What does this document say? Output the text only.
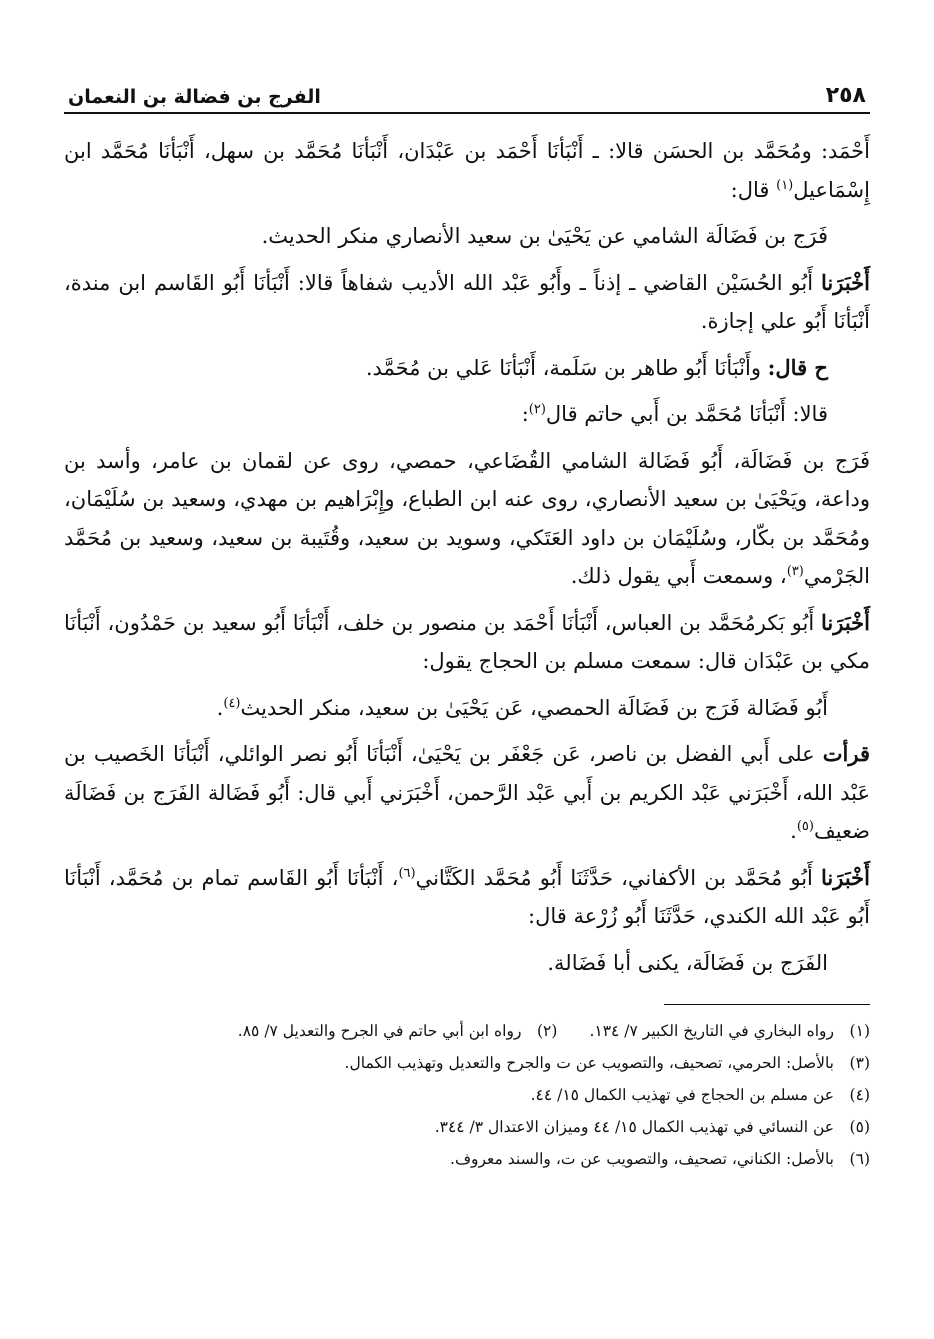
٢٥٨
الفرج بن فضالة بن النعمان

أَحْمَد: ومُحَمَّد بن الحسَن قالا: ـ أَنْبَأنَا أَحْمَد بن عَبْدَان، أَنْبَأنَا مُحَمَّد بن سهل، أَنْبَأنَا مُحَمَّد ابن إِسْمَاعيل$^{(١)}$ قال:

فَرَج بن فَضَالَة الشامي عن يَحْيَىٰ بن سعيد الأنصاري منكر الحديث.

أَخْبَرَنا أَبُو الحُسَيْن القاضي ـ إذناً ـ وأَبُو عَبْد الله الأديب شفاهاً قالا: أَنْبَأنَا أَبُو القَاسم ابن مندة، أَنْبَأنَا أَبُو علي إجازة.

ح قال: وأَنْبَأنَا أَبُو طاهر بن سَلَمة، أَنْبَأنَا عَلي بن مُحَمَّد.

قالا: أَنْبَأنَا مُحَمَّد بن أَبي حاتم قال$^{(٢)}$:

فَرَج بن فَضَالَة، أَبُو فَضَالة الشامي القُضَاعي، حمصي، روى عن لقمان بن عامر، وأسد بن وداعة، ويَحْيَىٰ بن سعيد الأنصاري، روى عنه ابن الطباع، وإِبْرَاهيم بن مهدي، وسعيد بن سُلَيْمَان، ومُحَمَّد بن بكّار، وسُلَيْمَان بن داود العَتَكي، وسويد بن سعيد، وقُتَيبة بن سعيد، وسعيد بن مُحَمَّد الجَرْمي$^{(٣)}$، وسمعت أَبي يقول ذلك.

أَخْبَرَنا أَبُو بَكرمُحَمَّد بن العباس، أَنْبَأنَا أَحْمَد بن منصور بن خلف، أَنْبَأنَا أَبُو سعيد بن حَمْدُون، أَنْبَأنَا مكي بن عَبْدَان قال: سمعت مسلم بن الحجاج يقول:

أَبُو فَضَالة فَرَج بن فَضَالَة الحمصي، عَن يَحْيَىٰ بن سعيد، منكر الحديث$^{(٤)}$.

قرأت على أَبي الفضل بن ناصر، عَن جَعْفَر بن يَحْيَىٰ، أَنْبَأنَا أَبُو نصر الوائلي، أَنْبَأنَا الخَصيب بن عَبْد الله، أَخْبَرَني عَبْد الكريم بن أَبي عَبْد الرَّحمن، أَخْبَرَني أَبي قال: أَبُو فَضَالة الفَرَج بن فَضَالَة ضعيف$^{(٥)}$.

أَخْبَرَنا أَبُو مُحَمَّد بن الأكفاني، حَدَّثَنَا أَبُو مُحَمَّد الكَتَّاني$^{(٦)}$، أَنْبَأنَا أَبُو القَاسم تمام بن مُحَمَّد، أَنْبَأنَا أَبُو عَبْد الله الكندي، حَدَّثَنَا أَبُو زُرْعة قال:

الفَرَج بن فَضَالَة، يكنى أبا فَضَالة.

(١)
رواه البخاري في التاريخ الكبير ٧/ ١٣٤.
(٢)
رواه ابن أبي حاتم في الجرح والتعديل ٧/ ٨٥.
(٣)
بالأصل: الحرمي، تصحيف، والتصويب عن ت والجرح والتعديل وتهذيب الكمال.
(٤)
عن مسلم بن الحجاج في تهذيب الكمال ١٥/ ٤٤.
(٥)
عن النسائي في تهذيب الكمال ١٥/ ٤٤ وميزان الاعتدال ٣/ ٣٤٤.
(٦)
بالأصل: الكناني، تصحيف، والتصويب عن ت، والسند معروف.
